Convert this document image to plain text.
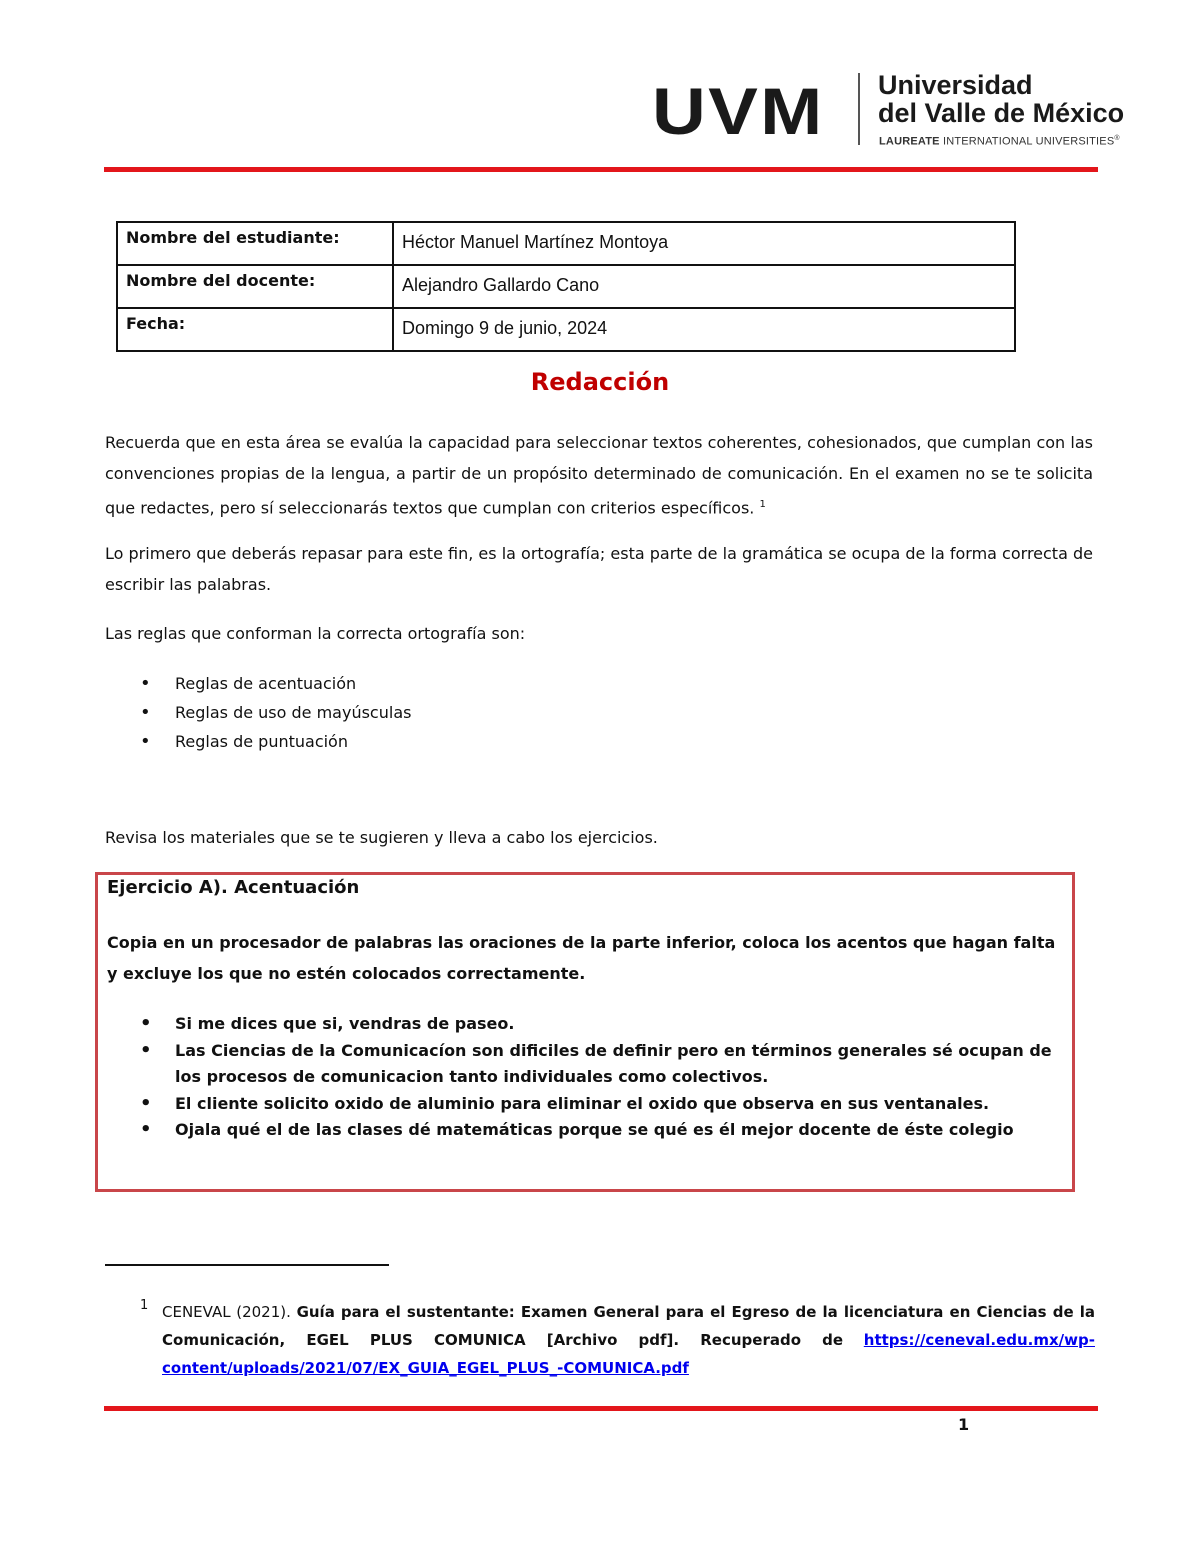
UVM Universidad
del Valle de México
LAUREATE INTERNATIONAL UNIVERSITIES®
Nombre del estudiante:	Héctor Manuel Martínez Montoya
Nombre del docente:	Alejandro Gallardo Cano
Fecha:	Domingo 9 de junio, 2024
Redacción

Recuerda que en esta área se evalúa la capacidad para seleccionar textos coherentes, cohesionados, que cumplan con las convenciones propias de la lengua, a partir de un propósito determinado de comunicación. En el examen no se te solicita que redactes, pero sí seleccionarás textos que cumplan con criterios específicos. $^1$

Lo primero que deberás repasar para este fin, es la ortografía; esta parte de la gramática se ocupa de la forma correcta de escribir las palabras.

Las reglas que conforman la correcta ortografía son:

• Reglas de acentuación
• Reglas de uso de mayúsculas
• Reglas de puntuación

Revisa los materiales que se te sugieren y lleva a cabo los ejercicios.

Ejercicio A). Acentuación

Copia en un procesador de palabras las oraciones de la parte inferior, coloca los acentos que hagan falta y excluye los que no estén colocados correctamente.

• Si me dices que si, vendras de paseo.
• Las Ciencias de la Comunicacíon son dificiles de definir pero en términos generales sé ocupan de los procesos de comunicacion tanto individuales como colectivos.
• El cliente solicito oxido de aluminio para eliminar el oxido que observa en sus ventanales.
• Ojala qué el de las clases dé matemáticas porque se qué es él mejor docente de éste colegio

1 CENEVAL (2021). Guía para el sustentante: Examen General para el Egreso de la licenciatura en Ciencias de la Comunicación, EGEL PLUS COMUNICA [Archivo pdf]. Recuperado de https://ceneval.edu.mx/wp-content/uploads/2021/07/EX_GUIA_EGEL_PLUS_-COMUNICA.pdf

1
